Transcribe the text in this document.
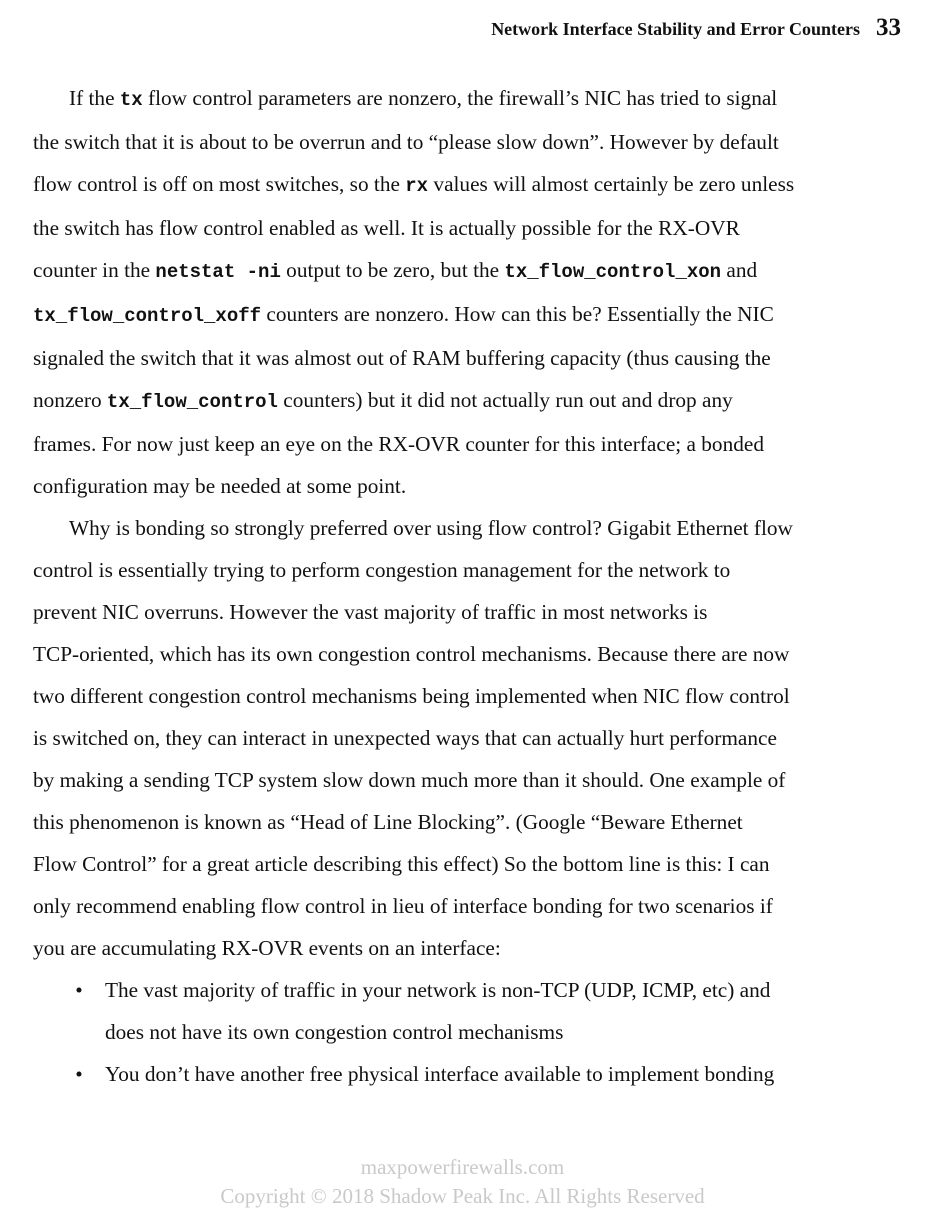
Network Interface Stability and Error Counters 33
If the tx flow control parameters are nonzero, the firewall’s NIC has tried to signal
the switch that it is about to be overrun and to “please slow down”. However by default
flow control is off on most switches, so the rx values will almost certainly be zero unless
the switch has flow control enabled as well. It is actually possible for the RX-OVR
counter in the netstat -ni output to be zero, but the tx_flow_control_xon and
tx_flow_control_xoff counters are nonzero. How can this be? Essentially the NIC
signaled the switch that it was almost out of RAM buffering capacity (thus causing the
nonzero tx_flow_control counters) but it did not actually run out and drop any
frames. For now just keep an eye on the RX-OVR counter for this interface; a bonded
configuration may be needed at some point.
Why is bonding so strongly preferred over using flow control? Gigabit Ethernet flow
control is essentially trying to perform congestion management for the network to
prevent NIC overruns. However the vast majority of traffic in most networks is
TCP-oriented, which has its own congestion control mechanisms. Because there are now
two different congestion control mechanisms being implemented when NIC flow control
is switched on, they can interact in unexpected ways that can actually hurt performance
by making a sending TCP system slow down much more than it should. One example of
this phenomenon is known as “Head of Line Blocking”. (Google “Beware Ethernet
Flow Control” for a great article describing this effect) So the bottom line is this: I can
only recommend enabling flow control in lieu of interface bonding for two scenarios if
you are accumulating RX-OVR events on an interface:
• The vast majority of traffic in your network is non-TCP (UDP, ICMP, etc) and
does not have its own congestion control mechanisms
• You don’t have another free physical interface available to implement bonding
maxpowerfirewalls.com
Copyright © 2018 Shadow Peak Inc. All Rights Reserved
